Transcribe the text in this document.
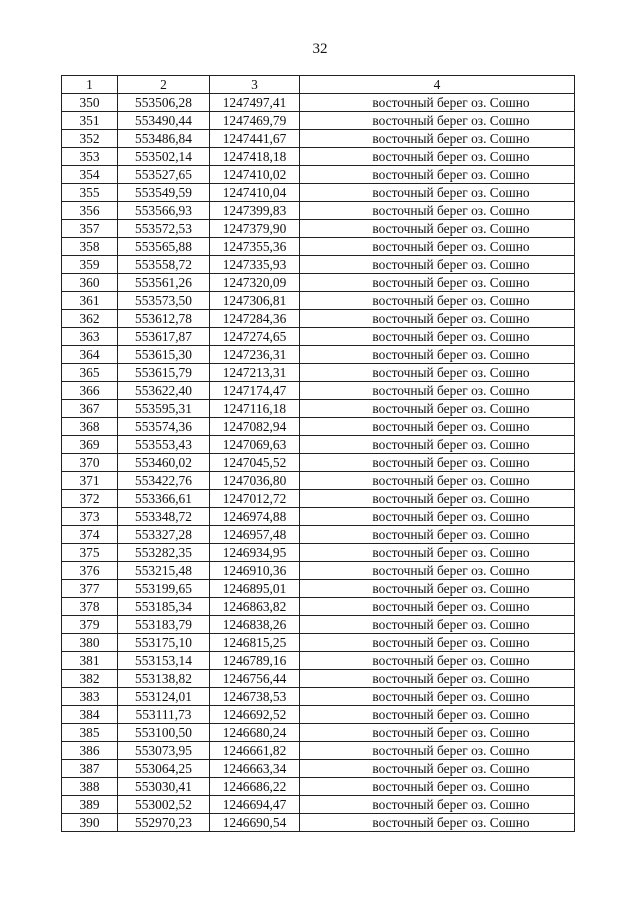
32
1	2	3	4
350	553506,28	1247497,41	восточный берег оз. Сошно
351	553490,44	1247469,79	восточный берег оз. Сошно
352	553486,84	1247441,67	восточный берег оз. Сошно
353	553502,14	1247418,18	восточный берег оз. Сошно
354	553527,65	1247410,02	восточный берег оз. Сошно
355	553549,59	1247410,04	восточный берег оз. Сошно
356	553566,93	1247399,83	восточный берег оз. Сошно
357	553572,53	1247379,90	восточный берег оз. Сошно
358	553565,88	1247355,36	восточный берег оз. Сошно
359	553558,72	1247335,93	восточный берег оз. Сошно
360	553561,26	1247320,09	восточный берег оз. Сошно
361	553573,50	1247306,81	восточный берег оз. Сошно
362	553612,78	1247284,36	восточный берег оз. Сошно
363	553617,87	1247274,65	восточный берег оз. Сошно
364	553615,30	1247236,31	восточный берег оз. Сошно
365	553615,79	1247213,31	восточный берег оз. Сошно
366	553622,40	1247174,47	восточный берег оз. Сошно
367	553595,31	1247116,18	восточный берег оз. Сошно
368	553574,36	1247082,94	восточный берег оз. Сошно
369	553553,43	1247069,63	восточный берег оз. Сошно
370	553460,02	1247045,52	восточный берег оз. Сошно
371	553422,76	1247036,80	восточный берег оз. Сошно
372	553366,61	1247012,72	восточный берег оз. Сошно
373	553348,72	1246974,88	восточный берег оз. Сошно
374	553327,28	1246957,48	восточный берег оз. Сошно
375	553282,35	1246934,95	восточный берег оз. Сошно
376	553215,48	1246910,36	восточный берег оз. Сошно
377	553199,65	1246895,01	восточный берег оз. Сошно
378	553185,34	1246863,82	восточный берег оз. Сошно
379	553183,79	1246838,26	восточный берег оз. Сошно
380	553175,10	1246815,25	восточный берег оз. Сошно
381	553153,14	1246789,16	восточный берег оз. Сошно
382	553138,82	1246756,44	восточный берег оз. Сошно
383	553124,01	1246738,53	восточный берег оз. Сошно
384	553111,73	1246692,52	восточный берег оз. Сошно
385	553100,50	1246680,24	восточный берег оз. Сошно
386	553073,95	1246661,82	восточный берег оз. Сошно
387	553064,25	1246663,34	восточный берег оз. Сошно
388	553030,41	1246686,22	восточный берег оз. Сошно
389	553002,52	1246694,47	восточный берег оз. Сошно
390	552970,23	1246690,54	восточный берег оз. Сошно
